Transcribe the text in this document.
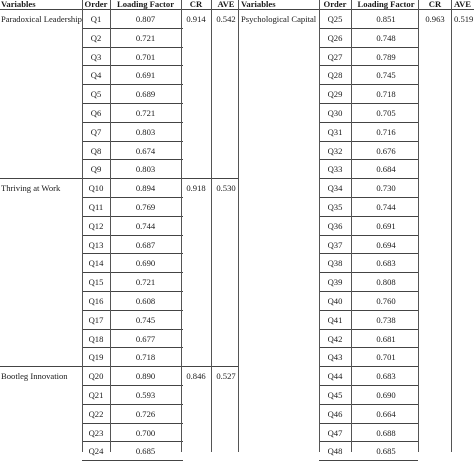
Variables	Order	Loading Factor	CR	AVE Variables	Order Loading Factor	CR	AVE
Paradoxical Leadership	Q1	0.807	0.914	0.542 Psychological Capital	Q25	0.851	0.963	0.519
Q2	0.721	Q26	0.748
Q3	0.701	Q27	0.789
Q4	0.691	Q28	0.745
Q5	0.689	Q29	0.718
Q6	0.721	Q30	0.705
Q7	0.803	Q31	0.716
Q8	0.674	Q32	0.676
Q9	0.803	Q33	0.684
Thriving at Work	Q10	0.894	0.918	0.530	Q34	0.730
Q11	0.769	Q35	0.744
Q12	0.744	Q36	0.691
Q13	0.687	Q37	0.694
Q14	0.690	Q38	0.683
Q15	0.721	Q39	0.808
Q16	0.608	Q40	0.760
Q17	0.745	Q41	0.738
Q18	0.677	Q42	0.681
Q19	0.718	Q43	0.701
Bootleg Innovation	Q20	0.890	0.846	0.527	Q44	0.683
Q21	0.593	Q45	0.690
Q22	0.726	Q46	0.664
Q23	0.700	Q47	0.688
Q24	0.685	Q48	0.685
